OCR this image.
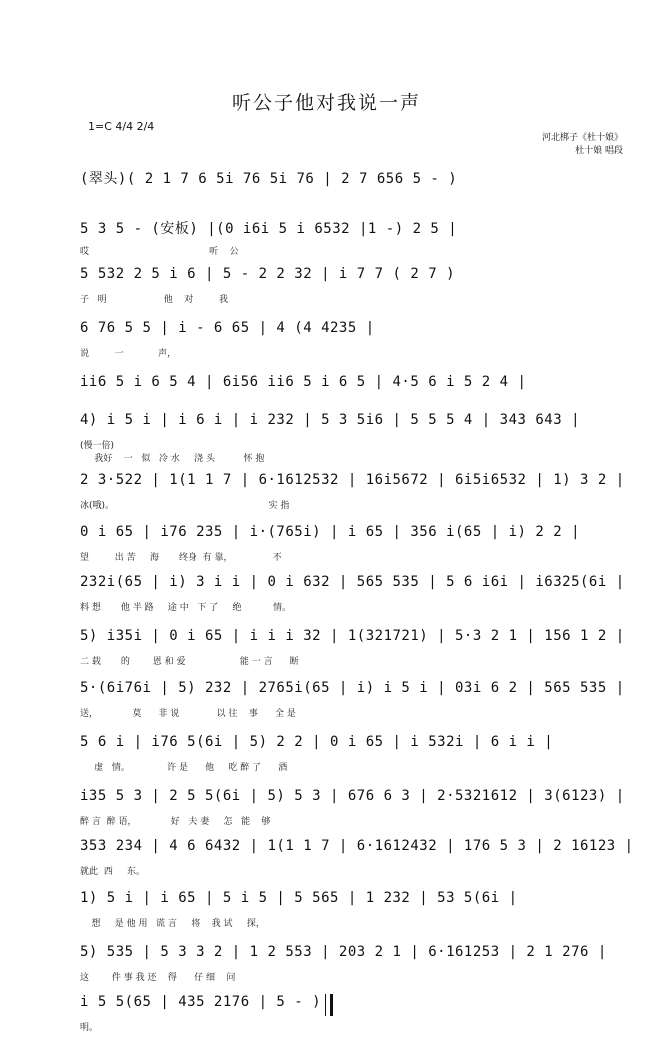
听公子他对我说一声
1=C 4/4 2/4
河北梆子《杜十娘》
杜十娘 唱段
(翠头)( 2 1 7 6 5i 76 5i 76 | 2 7 656 5 - )
5 3 5 - (安板) |(0 i6i 5 i 6532 |1 -) 2 5 |
哎                                          听    公
5 532 2 5 i 6 | 5 - 2 2 32 | i 7 7 ( 2 7 )
子   明                    他    对         我
6 76 5 5 | i - 6 65 | 4 (4 4235 |
说         一            声，
ii6 5 i 6 5 4 | 6i56 ii6 5 i 6 5 | 4·5 6 i 5 2 4 |
4) i 5 i | i 6 i | i 232 | 5 3 5i6 | 5 5 5 4 | 343 643 |
(慢一倍)
我好    一   似   冷 水     浇 头          怀 抱
2 3·522 | 1(1 1 7 | 6·1612532 | 16i5672 | 6i5i6532 | 1) 3 2 |
冰(哦)。                                                      实 指
0 i 65 | i76 235 | i·(765i) | i 65 | 356 i(65 | i) 2 2 |
望         出 苦     海       终身  有 靠，              不
232i(65 | i) 3 i i | 0 i 632 | 565 535 | 5 6 i6i | i6325(6i |
料 想       他 半 路     途 中   下 了     绝           情。
5) i35i | 0 i 65 | i i i 32 | 1(321721) | 5·3 2 1 | 156 1 2 |
二 载       的        恩 和 爱                   能 一 言      断
5·(6i76i | 5) 232 | 2765i(65 | i) i 5 i | 03i 6 2 | 565 535 |
送，            莫      非 说             以 往    事      全 是
5 6 i | i76 5(6i | 5) 2 2 | 0 i 65 | i 532i | 6 i i |
虚   情。             许 是      他     吃 醉 了      酒
i35 5 3 | 2 5 5(6i | 5) 5 3 | 676 6 3 | 2·5321612 | 3(6123) |
醉 言  醉 语，            好   夫 妻     怎   能    够
353 234 | 4 6 6432 | 1(1 1 7 | 6·1612432 | 176 5 3 | 2 16123 |
就此  西     东。
1) 5 i | i 65 | 5 i 5 | 5 565 | 1 232 | 53 5(6i |
想     是 他 用   谎 言     将    我 试     探，
5) 535 | 5 3 3 2 | 1 2 553 | 203 2 1 | 6·161253 | 2 1 276 |
这        件 事 我 还    得      仔 细    问
i 5 5(65 | 435 2176 | 5 - )
明。
